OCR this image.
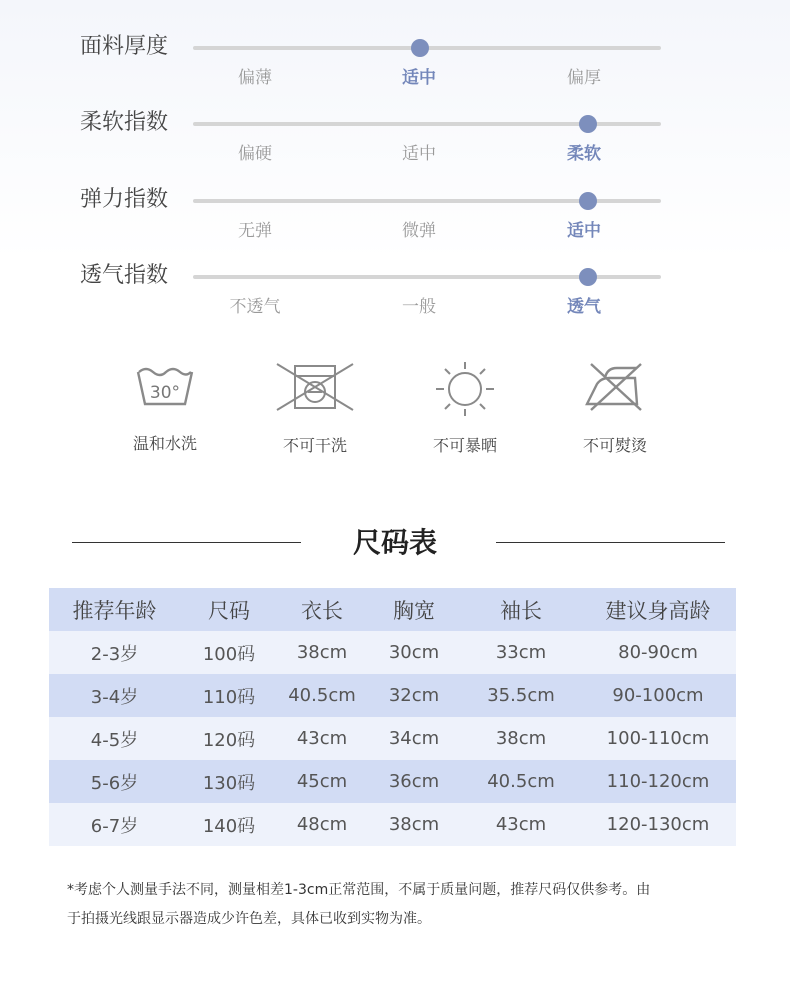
面料厚度
偏薄	适中	偏厚
柔软指数
偏硬	适中	柔软
弹力指数
无弹	微弹	适中
透气指数
不透气	一般	透气
30°
温和水洗	不可干洗	不可暴晒	不可熨烫
尺码表
推荐年龄	尺码	衣长	胸宽	袖长	建议身高龄
2-3岁	100码	38cm	30cm	33cm	80-90cm
3-4岁	110码	40.5cm	32cm	35.5cm	90-100cm
4-5岁	120码	43cm	34cm	38cm	100-110cm
5-6岁	130码	45cm	36cm	40.5cm	110-120cm
6-7岁	140码	48cm	38cm	43cm	120-130cm
*考虑个人测量手法不同，测量相差1-3cm正常范围，不属于质量问题，推荐尺码仅供参考。由
于拍摄光线跟显示器造成少许色差，具体已收到实物为准。
